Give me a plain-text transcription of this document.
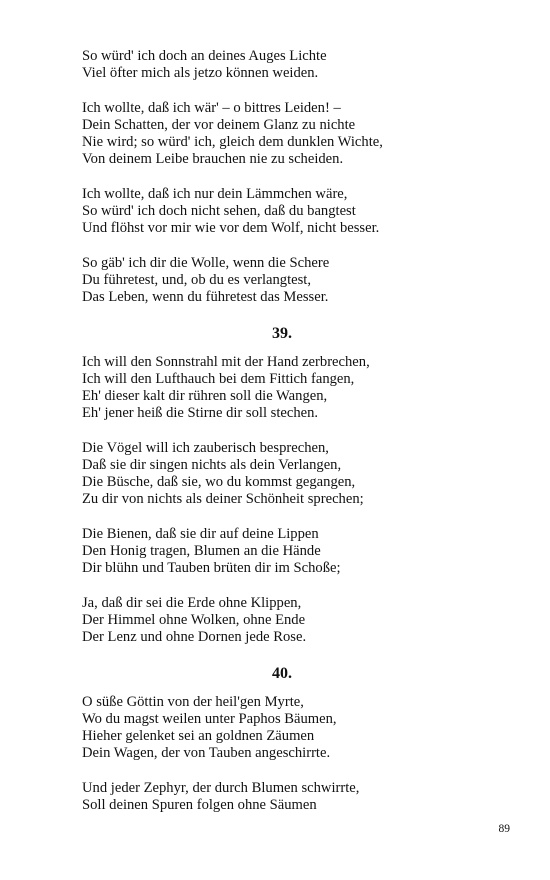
So würd' ich doch an deines Auges Lichte
Viel öfter mich als jetzo können weiden.
Ich wollte, daß ich wär' – o bittres Leiden! –
Dein Schatten, der vor deinem Glanz zu nichte
Nie wird; so würd' ich, gleich dem dunklen Wichte,
Von deinem Leibe brauchen nie zu scheiden.
Ich wollte, daß ich nur dein Lämmchen wäre,
So würd' ich doch nicht sehen, daß du bangtest
Und flöhst vor mir wie vor dem Wolf, nicht besser.
So gäb' ich dir die Wolle, wenn die Schere
Du führetest, und, ob du es verlangtest,
Das Leben, wenn du führetest das Messer.
39.
Ich will den Sonnstrahl mit der Hand zerbrechen,
Ich will den Lufthauch bei dem Fittich fangen,
Eh' dieser kalt dir rühren soll die Wangen,
Eh' jener heiß die Stirne dir soll stechen.
Die Vögel will ich zauberisch besprechen,
Daß sie dir singen nichts als dein Verlangen,
Die Büsche, daß sie, wo du kommst gegangen,
Zu dir von nichts als deiner Schönheit sprechen;
Die Bienen, daß sie dir auf deine Lippen
Den Honig tragen, Blumen an die Hände
Dir blühn und Tauben brüten dir im Schoße;
Ja, daß dir sei die Erde ohne Klippen,
Der Himmel ohne Wolken, ohne Ende
Der Lenz und ohne Dornen jede Rose.
40.
O süße Göttin von der heil'gen Myrte,
Wo du magst weilen unter Paphos Bäumen,
Hieher gelenket sei an goldnen Zäumen
Dein Wagen, der von Tauben angeschirrte.
Und jeder Zephyr, der durch Blumen schwirrte,
Soll deinen Spuren folgen ohne Säumen
89
